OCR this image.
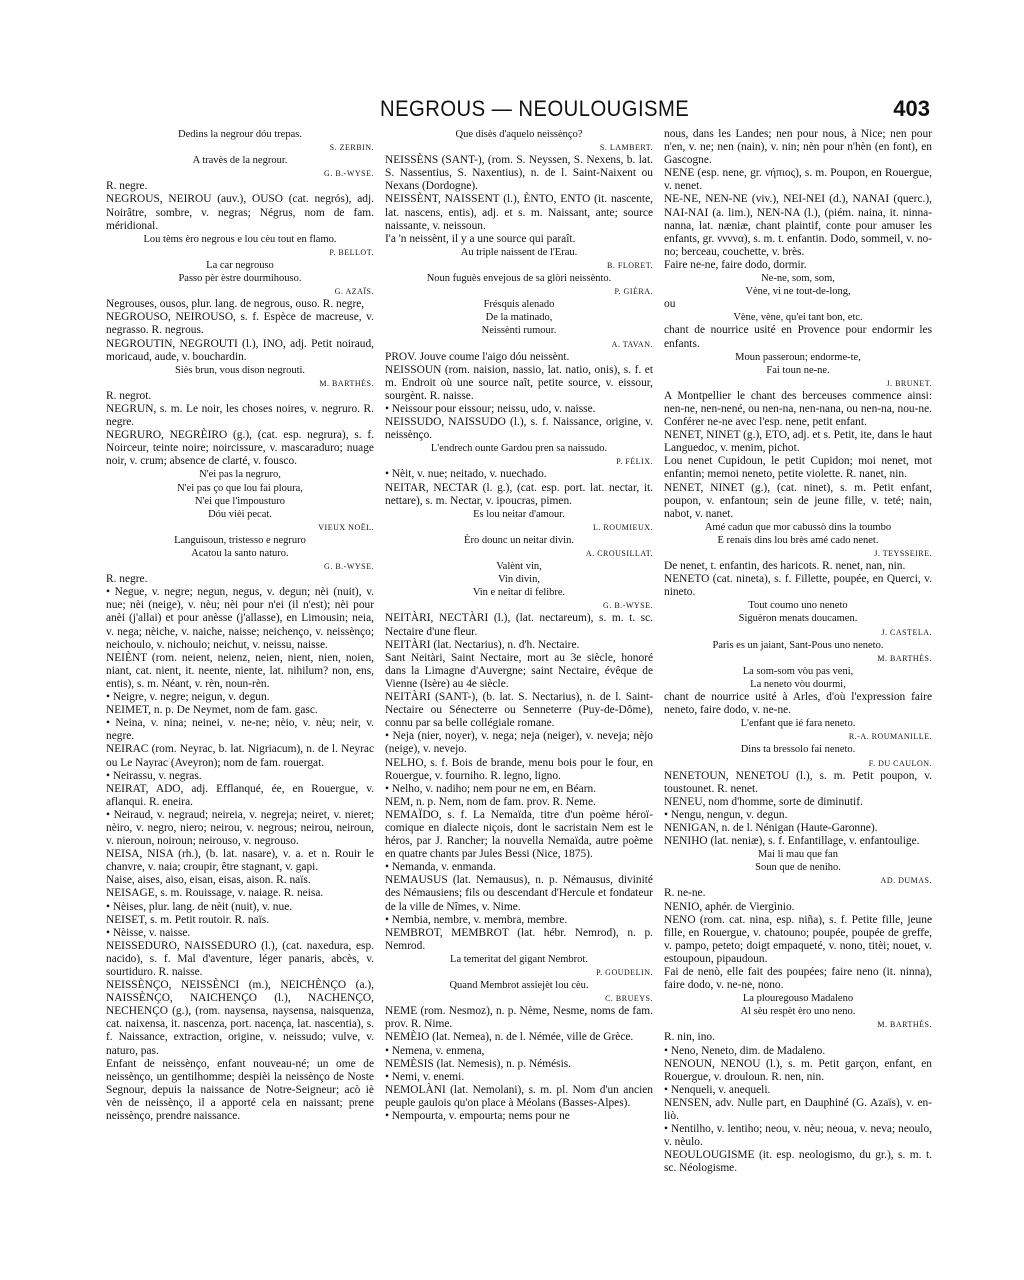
NEGROUS — NEOULOUGISME	403
Dedins la negrour dóu trepas.
S. ZERBIN.
A travès de la negrour.
G. B.-WYSE.
R. negre.
NEGROUS, NEIROU (auv.), OUSO (cat. negrós), adj. Noirâtre, sombre, v. negras; Négrus, nom de fam. méridional.
Lou tèms èro negrous e lou cèu tout en flamo.
P. BELLOT.
La car negrouso
Passo pèr èstre dourmihouso.
G. AZAÏS.
Negrouses, ousos, plur. lang. de negrous, ouso. R. negre,
NEGROUSO, NEIROUSO, s. f. Espèce de macreuse, v. negrasso. R. negrous.
NEGROUTIN, NEGROUTI (l.), INO, adj. Petit noiraud, moricaud, aude, v. bouchardin.
Siès brun, vous dison negrouti.
M. BARTHÉS.
R. negrot.
NEGRUN, s. m. Le noir, les choses noires, v. negruro. R. negre.
NEGRURO, NEGRÈIRO (g.), (cat. esp. negrura), s. f. Noirceur, teinte noire; noircissure, v. mascaraduro; nuage noir, v. crum; absence de clarté, v. fousco.
N'ei pas la negruro,
N'ei pas ço que lou fai ploura,
N'ei que l'impousturo
Dóu vièi pecat.
VIEUX NOËL.
Languisoun, tristesso e negruro
Acatou la santo naturo.
G. B.-WYSE.
R. negre.
• Negue, v. negre; negun, negus, v. degun; nèi (nuit), v. nue; nèi (neige), v. nèu; nèi pour n'ei (il n'est); nèi pour anèi (j'allai) et pour anèsse (j'allasse), en Limousin; neia, v. nega; nèiche, v. naiche, naisse; neichenço, v. neissènço; neichoulo, v. nichoulo; neichut, v. neissu, naisse.
NEIÈNT (rom. neient, neienz, neien, nient, nien, noien, niant, cat. nient, it. neente, niente, lat. nihilum? non, ens, entis), s. m. Néant, v. rèn, noun-rèn.
• Neigre, v. negre; neigun, v. degun.
NEIMET, n. p. De Neymet, nom de fam. gasc.
• Neina, v. nina; neinei, v. ne-ne; nèio, v. nèu; neir, v. negre.
NEIRAC (rom. Neyrac, b. lat. Nigriacum), n. de l. Neyrac ou Le Nayrac (Aveyron); nom de fam. rouergat.
• Neirassu, v. negras.
NEIRAT, ADO, adj. Efflanqué, ée, en Rouergue, v. aflanqui. R. eneira.
• Neiraud, v. negraud; neireia, v. negreja; neiret, v. nieret; nèiro, v. negro, niero; neirou, v. negrous; neirou, neiroun, v. nieroun, noiroun; neirouso, v. negrouso.
NEISA, NISA (rh.), (b. lat. nasare), v. a. et n. Rouir le chanvre, v. naia; croupir, être stagnant, v. gapi.
Naise, aises, aiso, eisan, eisas, aison. R. naïs.
NEISAGE, s. m. Rouissage, v. naiage. R. neisa.
• Nèises, plur. lang. de nèit (nuit), v. nue.
NEISET, s. m. Petit routoir. R. naïs.
• Nèisse, v. naisse.
NEISSEDURO, NAISSEDURO (l.), (cat. naxedura, esp. nacido), s. f. Mal d'aventure, léger panaris, abcès, v. sourtiduro. R. naisse.
NEISSÈNÇO, NEISSÈNCI (m.), NEICHÈNÇO (a.), NAISSÈNÇO, NAICHENÇO (l.), NACHENÇO, NECHENÇO (g.), (rom. naysensa, naysensa, naisquenza, cat. naixensa, it. nascenza, port. nacença, lat. nascentia), s. f. Naissance, extraction, origine, v. neissudo; vulve, v. naturo, pas.
Enfant de neissènço, enfant nouveau-né; un ome de neissènço, un gentilhomme; despièi la neissènço de Noste Segnour, depuis la naissance de Notre-Seigneur; acò iè vèn de neissènço, il a apporté cela en naissant; prene neissènço, prendre naissance.
Que disès d'aquelo neissènço?
S. LAMBERT.
NEISSÈNS (SANT-), (rom. S. Neyssen, S. Nexens, b. lat. S. Nassentius, S. Naxentius), n. de l. Saint-Naixent ou Nexans (Dordogne).
NEISSÈNT, NAISSENT (l.), ÈNTO, ENTO (it. nascente, lat. nascens, entis), adj. et s. m. Naissant, ante; source naissante, v. neissoun.
I'a 'n neissènt, il y a une source qui paraît.
Au triple naissent de l'Erau.
B. FLORET.
Noun fuguès envejous de sa glòri neissènto.
P. GIÉRA.
Frésquis alenado
De la matinado,
Neissènti rumour.
A. TAVAN.
PROV. Jouve coume l'aigo dóu neissènt.
NEISSOUN (rom. naision, nassio, lat. natio, onis), s. f. et m. Endroit où une source naît, petite source, v. eissour, sourgènt. R. naisse.
• Neissour pour eissour; neissu, udo, v. naisse.
NEISSUDO, NAISSUDO (l.), s. f. Naissance, origine, v. neissènço.
L'endrech ounte Gardou pren sa naissudo.
P. FÉLIX.
• Nèit, v. nue; neitado, v. nuechado.
NEITAR, NECTAR (l. g.), (cat. esp. port. lat. nectar, it. nettare), s. m. Nectar, v. ipoucras, pimen.
Es lou neitar d'amour.
L. ROUMIEUX.
Èro dounc un neitar divin.
A. CROUSILLAT.
Valènt vin,
Vin divin,
Vin e neitar di felibre.
G. B.-WYSE.
NEITÀRI, NECTÀRI (l.), (lat. nectareum), s. m. t. sc. Nectaire d'une fleur.
NEITÀRI (lat. Nectarius), n. d'h. Nectaire.
Sant Neitàri, Saint Nectaire, mort au 3e siècle, honoré dans la Limagne d'Auvergne; saint Nectaire, évêque de Vienne (Isère) au 4e siècle.
NEITÀRI (SANT-), (b. lat. S. Nectarius), n. de l. Saint-Nectaire ou Sénecterre ou Senneterre (Puy-de-Dôme), connu par sa belle collégiale romane.
• Neja (nier, noyer), v. nega; neja (neiger), v. neveja; nèjo (neige), v. nevejo.
NELHO, s. f. Bois de brande, menu bois pour le four, en Rouergue, v. fourniho. R. legno, ligno.
• Nelho, v. nadiho; nem pour ne em, en Béarn.
NEM, n. p. Nem, nom de fam. prov. R. Neme.
NEMAÏDO, s. f. La Nemaïda, titre d'un poème héroï-comique en dialecte niçois, dont le sacristain Nem est le héros, par J. Rancher; la nouvella Nemaïda, autre poème en quatre chants par Jules Bessi (Nice, 1875).
• Nemanda, v. enmanda.
NEMAUSUS (lat. Nemausus), n. p. Némausus, divinité des Némausiens; fils ou descendant d'Hercule et fondateur de la ville de Nîmes, v. Nime.
• Nembia, nembre, v. membra, membre.
NEMBROT, MEMBROT (lat. hébr. Nemrod), n. p. Nemrod.
La temeritat del gigant Nembrot.
P. GOUDELIN.
Quand Membrot assiejèt lou cèu.
C. BRUEYS.
NEME (rom. Nesmoz), n. p. Nème, Nesme, noms de fam. prov. R. Nime.
NEMÈIO (lat. Nemea), n. de l. Némée, ville de Grèce.
• Nemena, v. enmena,
NEMÈSIS (lat. Nemesis), n. p. Némésis.
• Nemi, v. enemi.
NEMOLÀNI (lat. Nemolani), s. m. pl. Nom d'un ancien peuple gaulois qu'on place à Méolans (Basses-Alpes).
• Nempourta, v. empourta; nems pour ne
nous, dans les Landes; nen pour nous, à Nice; nen pour n'en, v. ne; nen (nain), v. nin; nèn pour n'hèn (en font), en Gascogne.
NENE (esp. nene, gr. νήπιος), s. m. Poupon, en Rouergue, v. nenet.
NE-NE, NEN-NE (viv.), NEI-NEI (d.), NANAI (querc.), NAI-NAI (a. lim.), NEN-NA (l.), (piém. naina, it. ninna-nanna, lat. næniæ, chant plaintif, conte pour amuser les enfants, gr. ννννα), s. m. t. enfantin. Dodo, sommeil, v. no-no; berceau, couchette, v. brès.
Faire ne-ne, faire dodo, dormir.
Ne-ne, som, som,
Vène, vi ne tout-de-long,
ou
Vène, vène, qu'ei tant bon, etc.
chant de nourrice usité en Provence pour endormir les enfants.
Moun passeroun; endorme-te,
Fai toun ne-ne.
J. BRUNET.
A Montpellier le chant des berceuses commence ainsi: nen-ne, nen-nené, ou nen-na, nen-nana, ou nen-na, nou-ne. Conférer ne-ne avec l'esp. nene, petit enfant.
NENET, NINET (g.), ETO, adj. et s. Petit, ite, dans le haut Languedoc, v. menim, pichot.
Lou nenet Cupidoun, le petit Cupidon; moi nenet, mot enfantin; memoi neneto, petite violette. R. nanet, nin.
NENET, NINET (g.), (cat. ninet), s. m. Petit enfant, poupon, v. enfantoun; sein de jeune fille, v. teté; nain, nabot, v. nanet.
Amé cadun que mor cabussò dins la toumbo
E renais dins lou brès amé cado nenet.
J. TEYSSEIRE.
De nenet, t. enfantin, des haricots. R. nenet, nan, nin.
NENETO (cat. nineta), s. f. Fillette, poupée, en Querci, v. nineto.
Tout coumo uno neneto
Siguèron menats doucamen.
J. CASTELA.
Paris es un jaiant, Sant-Pous uno neneto.
M. BARTHÉS.
La som-som vòu pas veni,
La neneto vòu dourmi,
chant de nourrice usité à Arles, d'où l'expression faire neneto, faire dodo, v. ne-ne.
L'enfant que ié fara neneto.
R.-A. ROUMANILLE.
Dins ta bressolo fai neneto.
F. DU CAULON.
NENETOUN, NENETOU (l.), s. m. Petit poupon, v. toustounet. R. nenet.
NENEU, nom d'homme, sorte de diminutif.
• Nengu, nengun, v. degun.
NENIGAN, n. de l. Nénigan (Haute-Garonne).
NENIHO (lat. neniæ), s. f. Enfantillage, v. enfantoulige.
Mai li mau que fan
Soun que de neniho.
AD. DUMAS.
R. ne-ne.
NENIO, aphér. de Viergìnio.
NENO (rom. cat. nina, esp. niña), s. f. Petite fille, jeune fille, en Rouergue, v. chatouno; poupée, poupée de greffe, v. pampo, peteto; doigt empaqueté, v. nono, titèi; nouet, v. estoupoun, pipaudoun.
Fai de nenò, elle fait des poupées; faire neno (it. ninna), faire dodo, v. ne-ne, nono.
La plouregouso Madaleno
Al sèu respèt èro uno neno.
M. BARTHÉS.
R. nin, ino.
• Neno, Neneto, dim. de Madaleno.
NENOUN, NENOU (l.), s. m. Petit garçon, enfant, en Rouergue, v. drouloun. R. nen, nin.
• Nenqueli, v. anequeli.
NENSEN, adv. Nulle part, en Dauphiné (G. Azaïs), v. en-liò.
• Nentilho, v. lentiho; neou, v. nèu; neoua, v. neva; neoulo, v. nèulo.
NEOULOUGISME (it. esp. neologismo, du gr.), s. m. t. sc. Néologisme.
